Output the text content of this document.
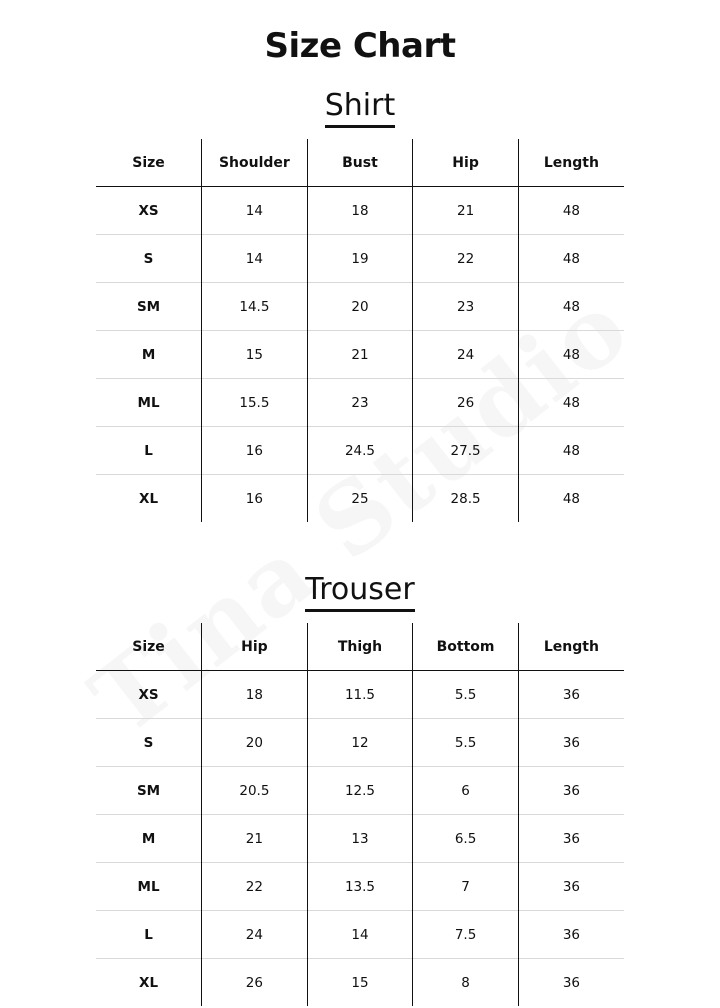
Size Chart
Shirt
Size	Shoulder	Bust	Hip	Length
XS	14	18	21	48
S	14	19	22	48
SM	14.5	20	23	48
M	15	21	24	48
ML	15.5	23	26	48
L	16	24.5	27.5	48
XL	16	25	28.5	48
Trouser
Size	Hip	Thigh	Bottom	Length
XS	18	11.5	5.5	36
S	20	12	5.5	36
SM	20.5	12.5	6	36
M	21	13	6.5	36
ML	22	13.5	7	36
L	24	14	7.5	36
XL	26	15	8	36
